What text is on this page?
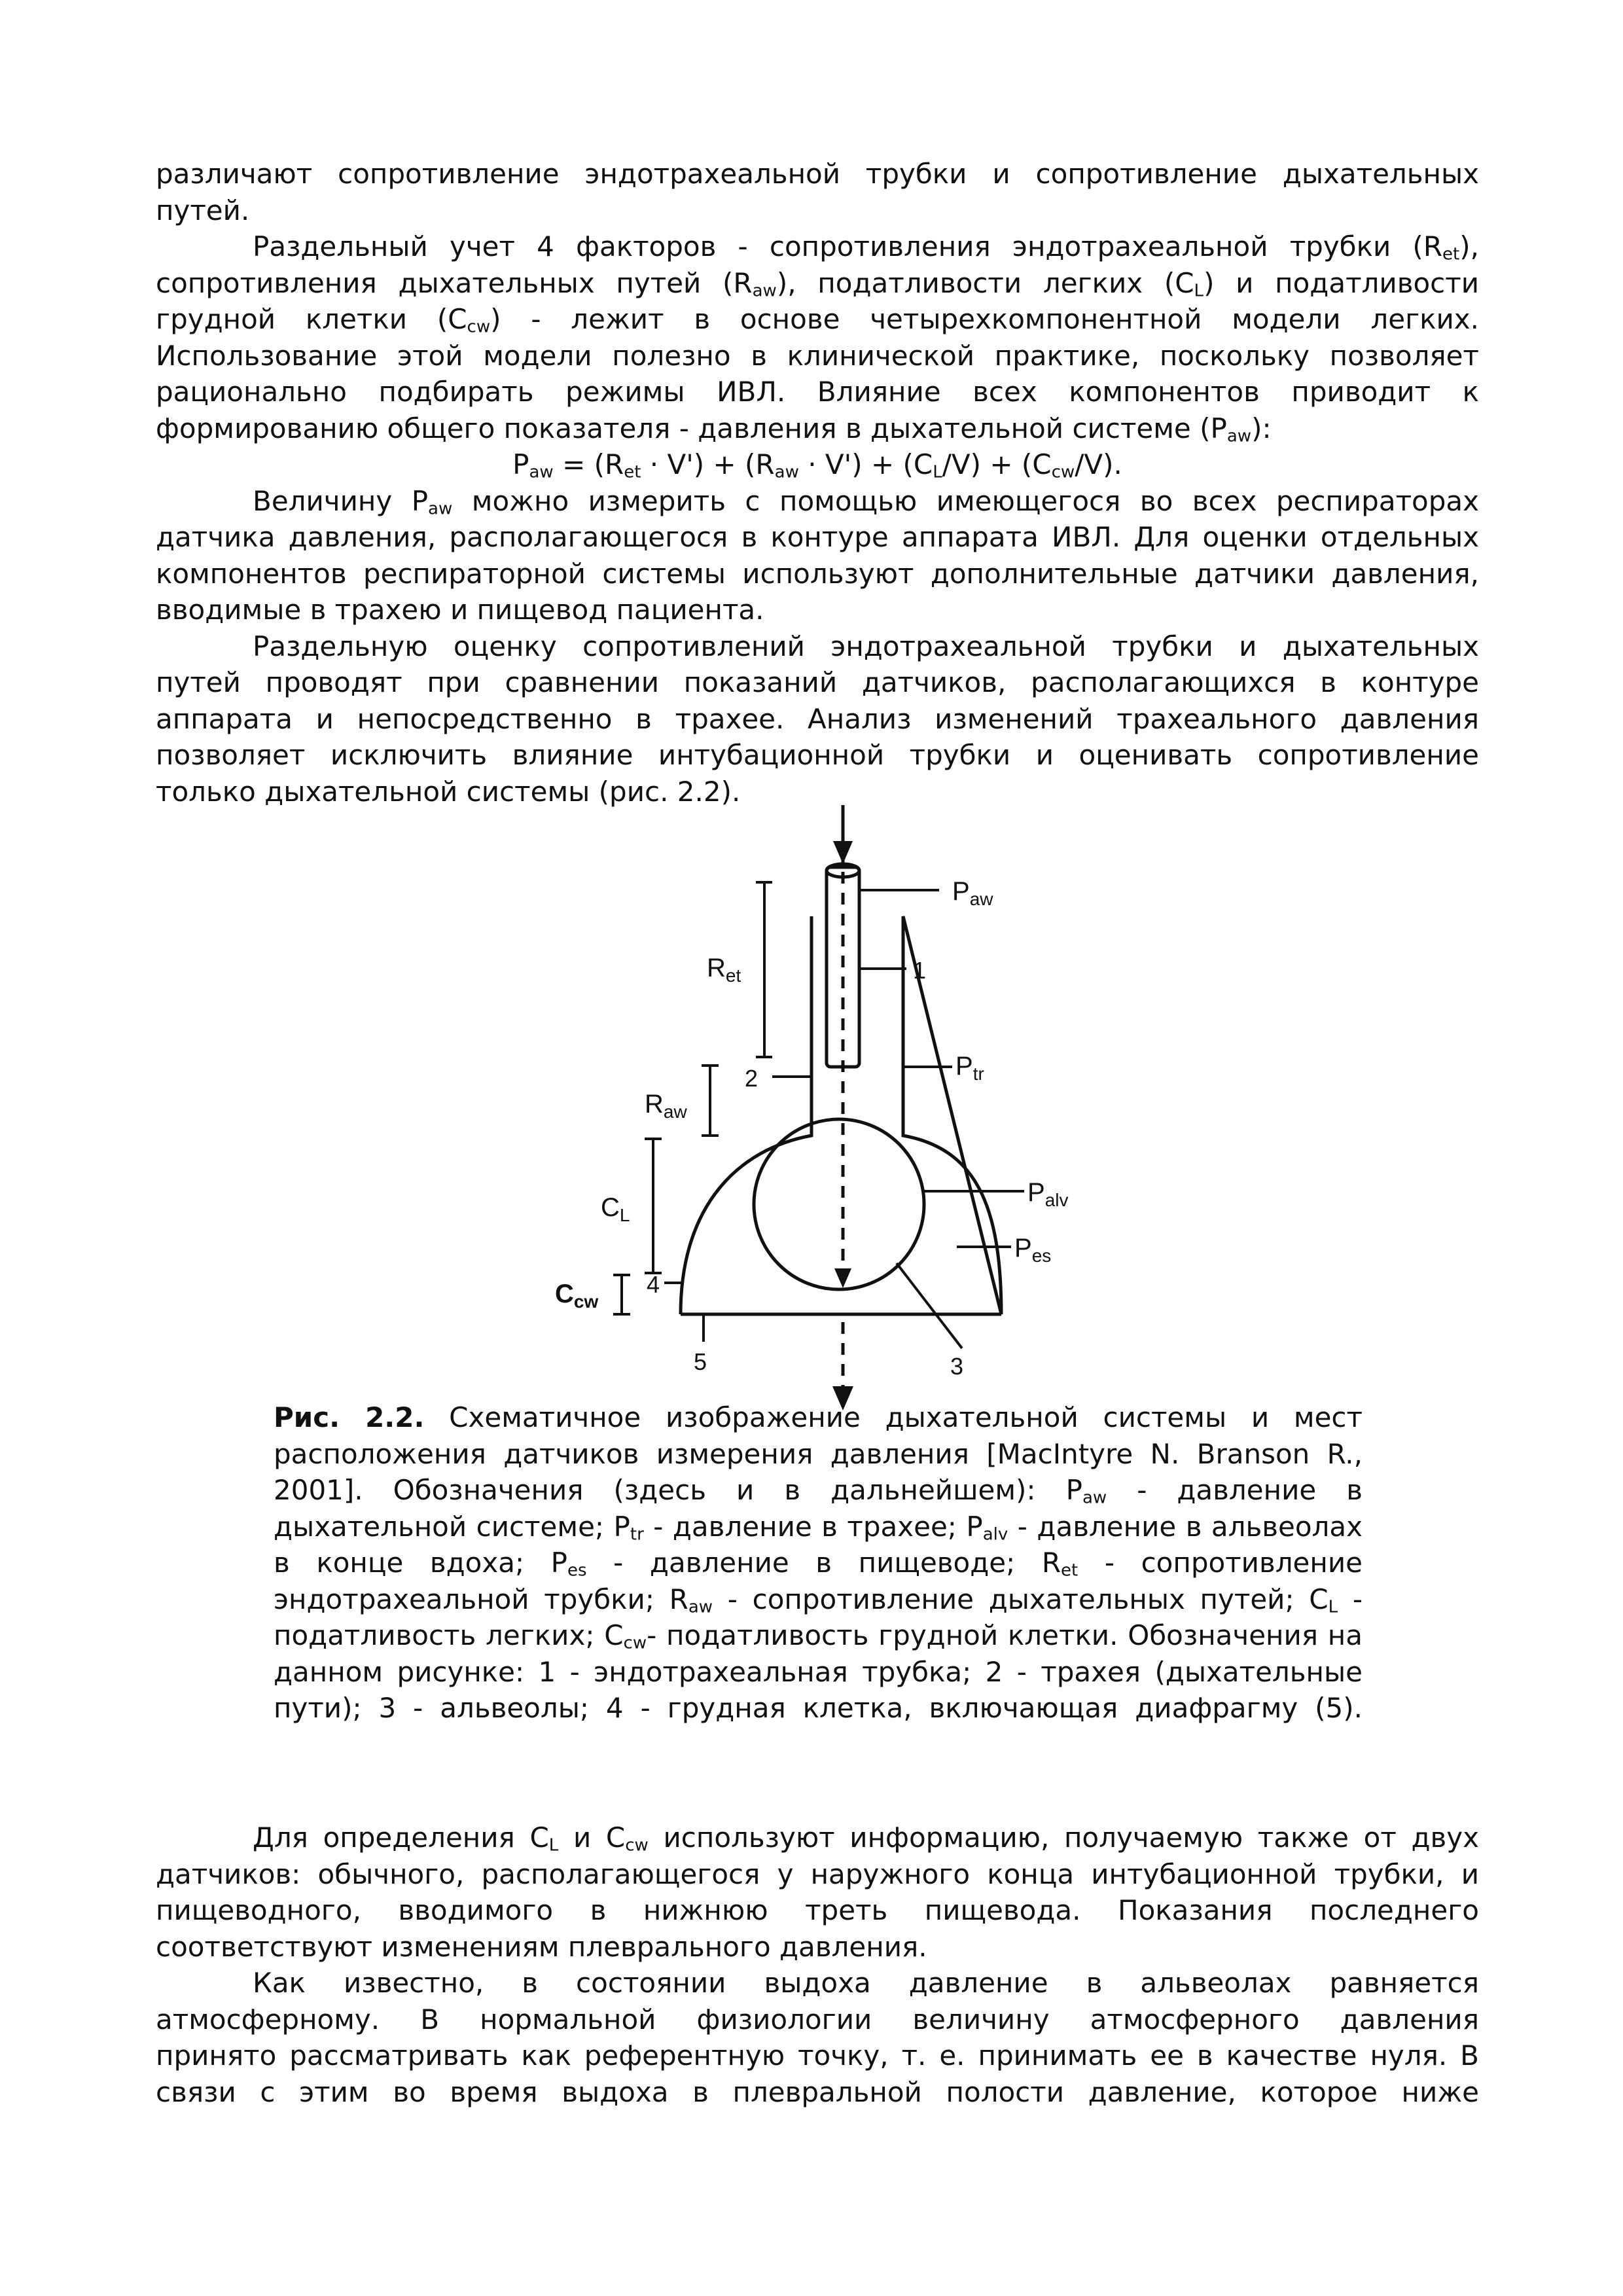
различают сопротивление эндотрахеальной трубки и сопротивление дыхательных путей.

Раздельный учет 4 факторов - сопротивления эндотрахеальной трубки $(R_{et})$,

сопротивления дыхательных путей $(R_{aw})$, податливости легких $(C_L)$ и податливости

грудной клетки $(C_{cw})$ - лежит в основе четырехкомпонентной модели легких.

Использование этой модели полезно в клинической практике, поскольку позволяет

рационально подбирать режимы ИВЛ. Влияние всех компонентов приводит к

формированию общего показателя - давления в дыхательной системе $(P_{aw})$:

$P_{aw} = (R_{et} \cdot V') + (R_{aw} \cdot V') + (C_L/V) + (C_{cw}/V)$.

Величину $P_{aw}$ можно измерить с помощью имеющегося во всех респираторах

датчика давления, располагающегося в контуре аппарата ИВЛ. Для оценки отдельных

компонентов респираторной системы используют дополнительные датчики давления,

вводимые в трахею и пищевод пациента.

Раздельную оценку сопротивлений эндотрахеальной трубки и дыхательных

путей проводят при сравнении показаний датчиков, располагающихся в контуре

аппарата и непосредственно в трахее. Анализ изменений трахеального давления

позволяет исключить влияние интубационной трубки и оценивать сопротивление

только дыхательной системы (рис. 2.2).

$P_{aw}$
1
$P_{tr}$
$P_{alv}$
$P_{es}$
3
$R_{et}$
2
$R_{aw}$
$C_L$
$C_{cw}$
4
5

Рис. 2.2. Схематичное изображение дыхательной системы и мест расположения датчиков измерения давления [MacIntyre N. Branson R., 2001]. Обозначения (здесь и в дальнейшем): $P_{aw}$ - давление в дыхательной системе; $P_{tr}$ - давление в трахее; $P_{alv}$ - давление в альвеолах в конце вдоха; $P_{es}$ - давление в пищеводе; $R_{et}$ - сопротивление эндотрахеальной трубки; $R_{aw}$ - сопротивление дыхательных путей; $C_L$ - податливость легких; $C_{cw}-$ податливость грудной клетки. Обозначения на данном рисунке: 1 - эндотрахеальная трубка; 2 - трахея (дыхательные пути); 3 - альвеолы; 4 - грудная клетка, включающая диафрагму (5).

Для определения $C_L$ и $C_{cw}$ используют информацию, получаемую также от двух

датчиков: обычного, располагающегося у наружного конца интубационной трубки, и

пищеводного, вводимого в нижнюю треть пищевода. Показания последнего

соответствуют изменениям плеврального давления.

Как известно, в состоянии выдоха давление в альвеолах равняется

атмосферному. В нормальной физиологии величину атмосферного давления

принято рассматривать как референтную точку, т. е. принимать ее в качестве нуля. В

связи с этим во время выдоха в плевральной полости давление, которое ниже
